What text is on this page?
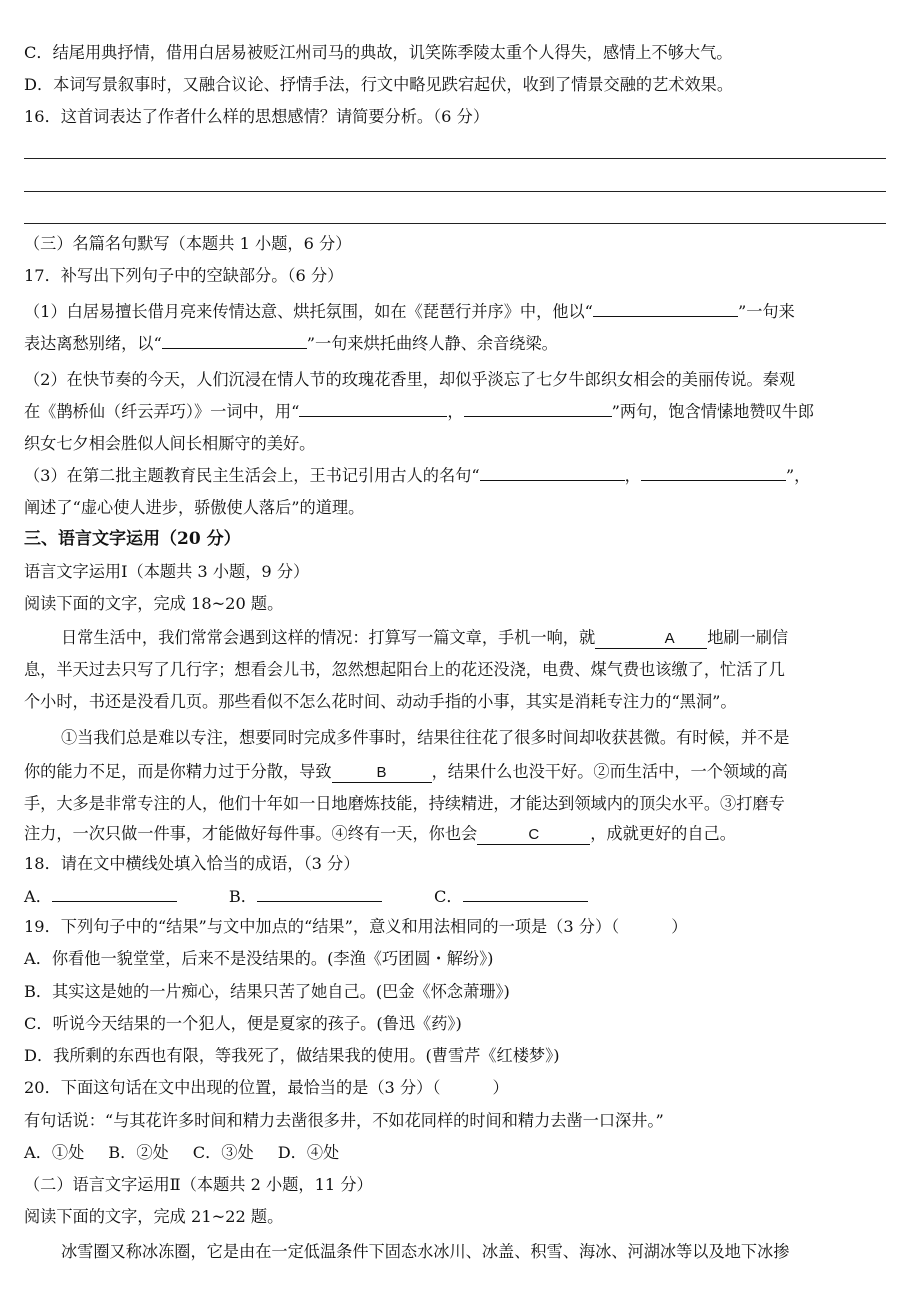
C．结尾用典抒情，借用白居易被贬江州司马的典故，讥笑陈季陵太重个人得失，感情上不够大气。
D．本词写景叙事时，又融合议论、抒情手法，行文中略见跌宕起伏，收到了情景交融的艺术效果。
16．这首词表达了作者什么样的思想感情？请简要分析。（6 分）
（三）名篇名句默写（本题共 1 小题，6 分）
17．补写出下列句子中的空缺部分。（6 分）
（1）白居易擅长借月亮来传情达意、烘托氛围，如在《琵琶行并序》中，他以“	”一句来
表达离愁别绪，以“	”一句来烘托曲终人静、余音绕梁。
（2）在快节奏的今天，人们沉浸在情人节的玫瑰花香里，却似乎淡忘了七夕牛郎织女相会的美丽传说。秦观
在《鹊桥仙（纤云弄巧）》一词中，用“	，	”两句，饱含情愫地赞叹牛郎
织女七夕相会胜似人间长相厮守的美好。
（3）在第二批主题教育民主生活会上，王书记引用古人的名句“	，	”，
阐述了“虚心使人进步，骄傲使人落后”的道理。
三、语言文字运用（20 分）
语言文字运用Ⅰ（本题共 3 小题，9 分）
阅读下面的文字，完成 18~20 题。
日常生活中，我们常常会遇到这样的情况：打算写一篇文章，手机一响，就	A 地刷一刷信
息，半天过去只写了几行字；想看会儿书，忽然想起阳台上的花还没浇，电费、煤气费也该缴了，忙活了几
个小时，书还是没看几页。那些看似不怎么花时间、动动手指的小事，其实是消耗专注力的“黑洞”。
①当我们总是难以专注，想要同时完成多件事时，结果往往花了很多时间却收获甚微。有时候，并不是
你的能力不足，而是你精力过于分散，导致	B	，结果什么也没干好。②而生活中，一个领域的高
手，大多是非常专注的人，他们十年如一日地磨炼技能，持续精进，才能达到领域内的顶尖水平。③打磨专
注力，一次只做一件事，才能做好每件事。④终有一天，你也会	C	，成就更好的自己。
18．请在文中横线处填入恰当的成语，（3 分）
A．	B．	C．
19．下列句子中的“结果”与文中加点的“结果”，意义和用法相同的一项是（3 分）（	）
A．你看他一貌堂堂，后来不是没结果的。(李渔《巧团圆・解纷》)
B．其实这是她的一片痴心，结果只苦了她自己。(巴金《怀念萧珊》)
C．听说今天结果的一个犯人，便是夏家的孩子。(鲁迅《药》)
D．我所剩的东西也有限，等我死了，做结果我的使用。(曹雪芹《红楼梦》)
20．下面这句话在文中出现的位置，最恰当的是（3 分）（	）
有句话说：“与其花许多时间和精力去凿很多井，不如花同样的时间和精力去凿一口深井。”
A．①处 B．②处 C．③处 D．④处
（二）语言文字运用Ⅱ（本题共 2 小题，11 分）
阅读下面的文字，完成 21~22 题。
冰雪圈又称冰冻圈，它是由在一定低温条件下固态水冰川、冰盖、积雪、海冰、河湖冰等以及地下冰掺
